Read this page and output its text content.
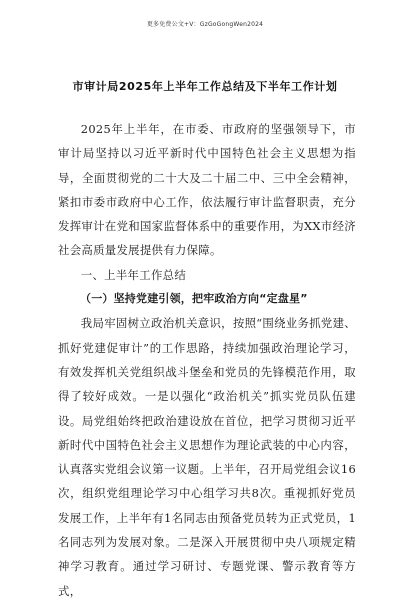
更多免费公文+V：GzGoGongWen2024
市审计局2025年上半年工作总结及下半年工作计划

2025年上半年，在市委、市政府的坚强领导下，市审计局坚持以习近平新时代中国特色社会主义思想为指导，全面贯彻党的二十大及二十届二中、三中全会精神，紧扣市委市政府中心工作，依法履行审计监督职责，充分发挥审计在党和国家监督体系中的重要作用，为XX市经济社会高质量发展提供有力保障。

一、上半年工作总结

（一）坚持党建引领，把牢政治方向“定盘星”

我局牢固树立政治机关意识，按照“围绕业务抓党建、抓好党建促审计”的工作思路，持续加强政治理论学习，有效发挥机关党组织战斗堡垒和党员的先锋模范作用，取得了较好成效。一是以强化“政治机关”抓实党员队伍建设。局党组始终把政治建设放在首位，把学习贯彻习近平新时代中国特色社会主义思想作为理论武装的中心内容，认真落实党组会议第一议题。上半年，召开局党组会议16次，组织党组理论学习中心组学习共8次。重视抓好党员发展工作，上半年有1名同志由预备党员转为正式党员，1名同志列为发展对象。二是深入开展贯彻中央八项规定精神学习教育。通过学习研讨、专题党课、警示教育等方式，
